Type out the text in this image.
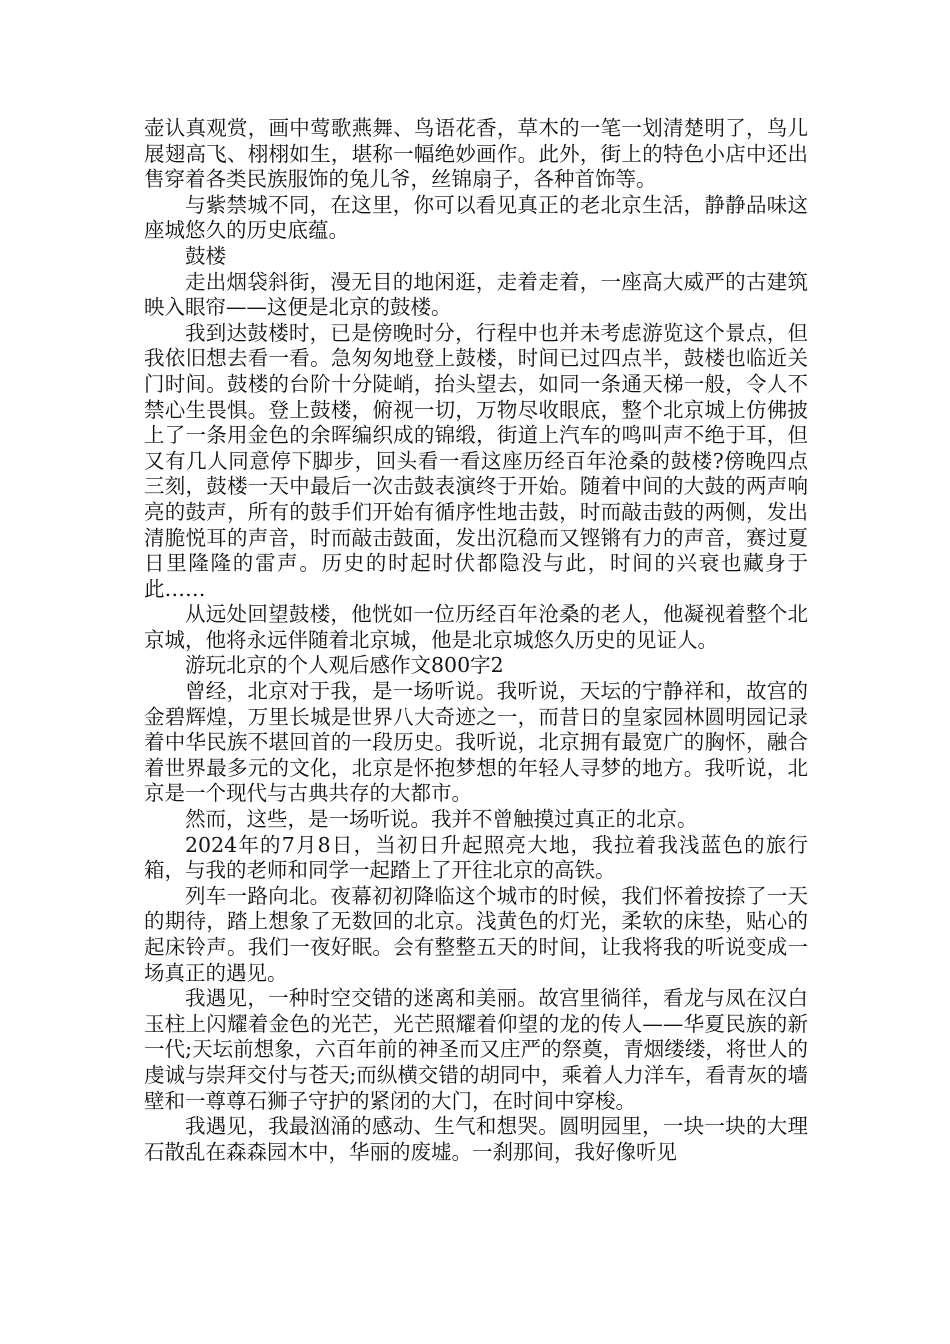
壶认真观赏，画中莺歌燕舞、鸟语花香，草木的一笔一划清楚明了，鸟儿展翅高飞、栩栩如生，堪称一幅绝妙画作。此外，街上的特色小店中还出售穿着各类民族服饰的兔儿爷，丝锦扇子，各种首饰等。

与紫禁城不同，在这里，你可以看见真正的老北京生活，静静品味这座城悠久的历史底蕴。

鼓楼

走出烟袋斜街，漫无目的地闲逛，走着走着，一座高大威严的古建筑映入眼帘——这便是北京的鼓楼。

我到达鼓楼时，已是傍晚时分，行程中也并未考虑游览这个景点，但我依旧想去看一看。急匆匆地登上鼓楼，时间已过四点半，鼓楼也临近关门时间。鼓楼的台阶十分陡峭，抬头望去，如同一条通天梯一般，令人不禁心生畏惧。登上鼓楼，俯视一切，万物尽收眼底，整个北京城上仿佛披上了一条用金色的余晖编织成的锦缎，街道上汽车的鸣叫声不绝于耳，但又有几人同意停下脚步，回头看一看这座历经百年沧桑的鼓楼?傍晚四点三刻，鼓楼一天中最后一次击鼓表演终于开始。随着中间的大鼓的两声响亮的鼓声，所有的鼓手们开始有循序性地击鼓，时而敲击鼓的两侧，发出清脆悦耳的声音，时而敲击鼓面，发出沉稳而又铿锵有力的声音，赛过夏日里隆隆的雷声。历史的时起时伏都隐没与此，时间的兴衰也藏身于此……

从远处回望鼓楼，他恍如一位历经百年沧桑的老人，他凝视着整个北京城，他将永远伴随着北京城，他是北京城悠久历史的见证人。

游玩北京的个人观后感作文800字2

曾经，北京对于我，是一场听说。我听说，天坛的宁静祥和，故宫的金碧辉煌，万里长城是世界八大奇迹之一，而昔日的皇家园林圆明园记录着中华民族不堪回首的一段历史。我听说，北京拥有最宽广的胸怀，融合着世界最多元的文化，北京是怀抱梦想的年轻人寻梦的地方。我听说，北京是一个现代与古典共存的大都市。

然而，这些，是一场听说。我并不曾触摸过真正的北京。

2024年的7月8日，当初日升起照亮大地，我拉着我浅蓝色的旅行箱，与我的老师和同学一起踏上了开往北京的高铁。

列车一路向北。夜幕初初降临这个城市的时候，我们怀着按捺了一天的期待，踏上想象了无数回的北京。浅黄色的灯光，柔软的床垫，贴心的起床铃声。我们一夜好眠。会有整整五天的时间，让我将我的听说变成一场真正的遇见。

我遇见，一种时空交错的迷离和美丽。故宫里徜徉，看龙与凤在汉白玉柱上闪耀着金色的光芒，光芒照耀着仰望的龙的传人——华夏民族的新一代;天坛前想象，六百年前的神圣而又庄严的祭奠，青烟缕缕，将世人的虔诚与崇拜交付与苍天;而纵横交错的胡同中，乘着人力洋车，看青灰的墙壁和一尊尊石狮子守护的紧闭的大门，在时间中穿梭。

我遇见，我最汹涌的感动、生气和想哭。圆明园里，一块一块的大理石散乱在森森园木中，华丽的废墟。一刹那间，我好像听见
